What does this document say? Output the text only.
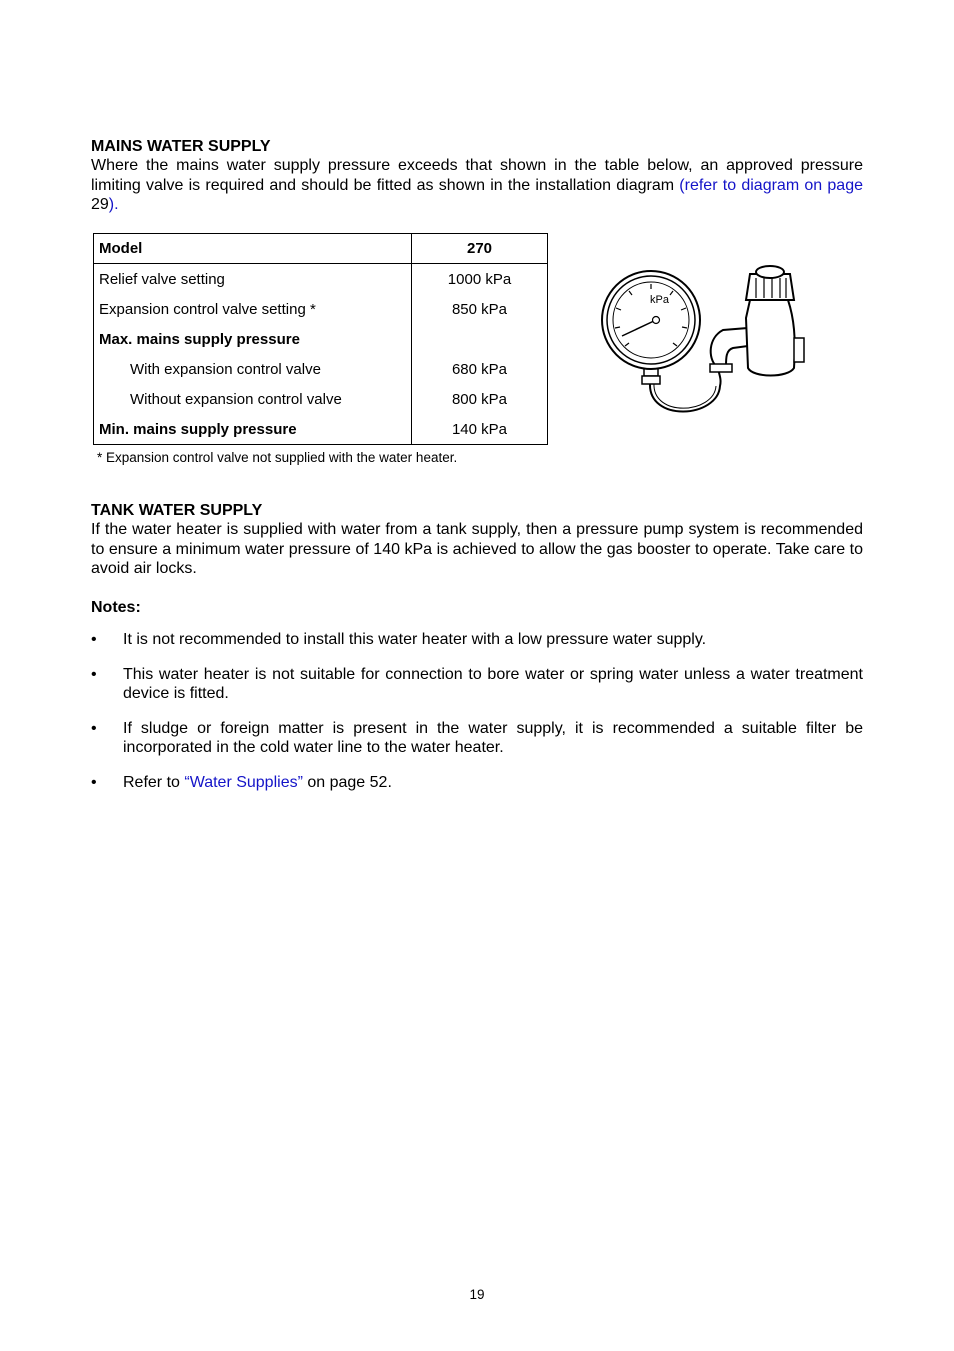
MAINS WATER SUPPLY
Where the mains water supply pressure exceeds that shown in the table below, an approved pressure limiting valve is required and should be fitted as shown in the installation diagram (refer to diagram on page 29).
Model	270
Relief valve setting	1000 kPa
Expansion control valve setting *	850 kPa
Max. mains supply pressure	
With expansion control valve	680 kPa
Without expansion control valve	800 kPa
Min. mains supply pressure	140 kPa
* Expansion control valve not supplied with the water heater.
kPa
TANK WATER SUPPLY
If the water heater is supplied with water from a tank supply, then a pressure pump system is recommended to ensure a minimum water pressure of 140 kPa is achieved to allow the gas booster to operate. Take care to avoid air locks.
Notes:
• It is not recommended to install this water heater with a low pressure water supply.
• This water heater is not suitable for connection to bore water or spring water unless a water treatment device is fitted.
• If sludge or foreign matter is present in the water supply, it is recommended a suitable filter be incorporated in the cold water line to the water heater.
• Refer to “Water Supplies” on page 52.
19
